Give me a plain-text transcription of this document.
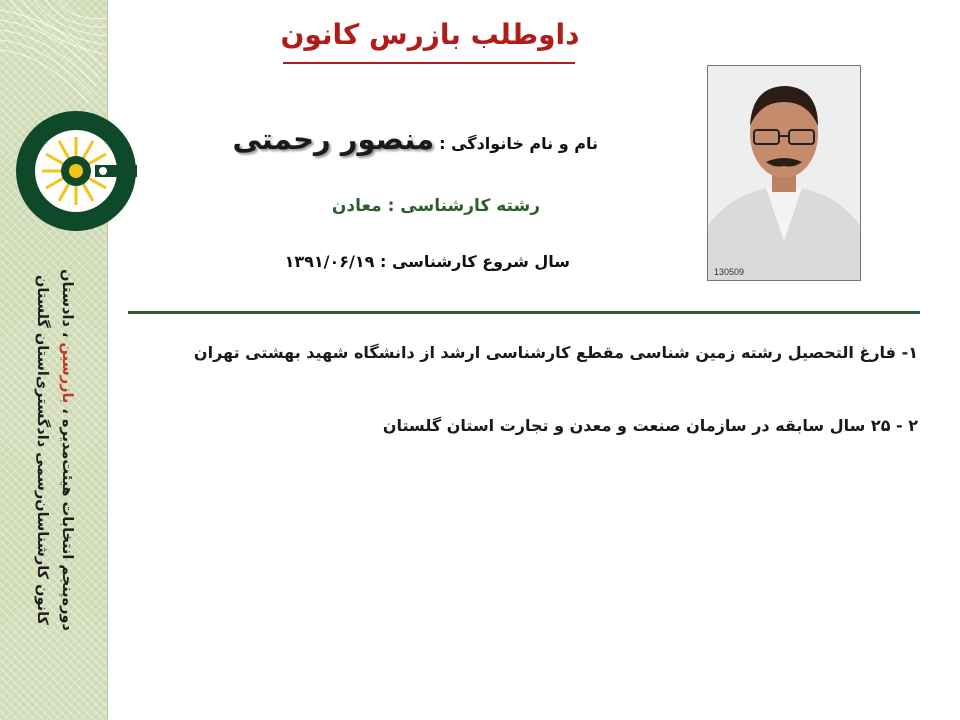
دوره‌پنجم انتخابات هیئت‌مدیره ، بازرسین ، دادستان
کانون کارشناسان‌رسمی دادگستری‌استان گلستان
داوطلب بازرس کانون
130509
نام و نام خانوادگی : منصور رحمتی
رشته کارشناسی : معادن
سال شروع کارشناسی : ۱۳۹۱/۰۶/۱۹
۱- فارغ التحصیل رشته زمین شناسی مقطع کارشناسی ارشد از دانشگاه شهید بهشتی تهران
۲ - ۲۵ سال سابقه در سازمان صنعت و معدن و تجارت استان گلستان
